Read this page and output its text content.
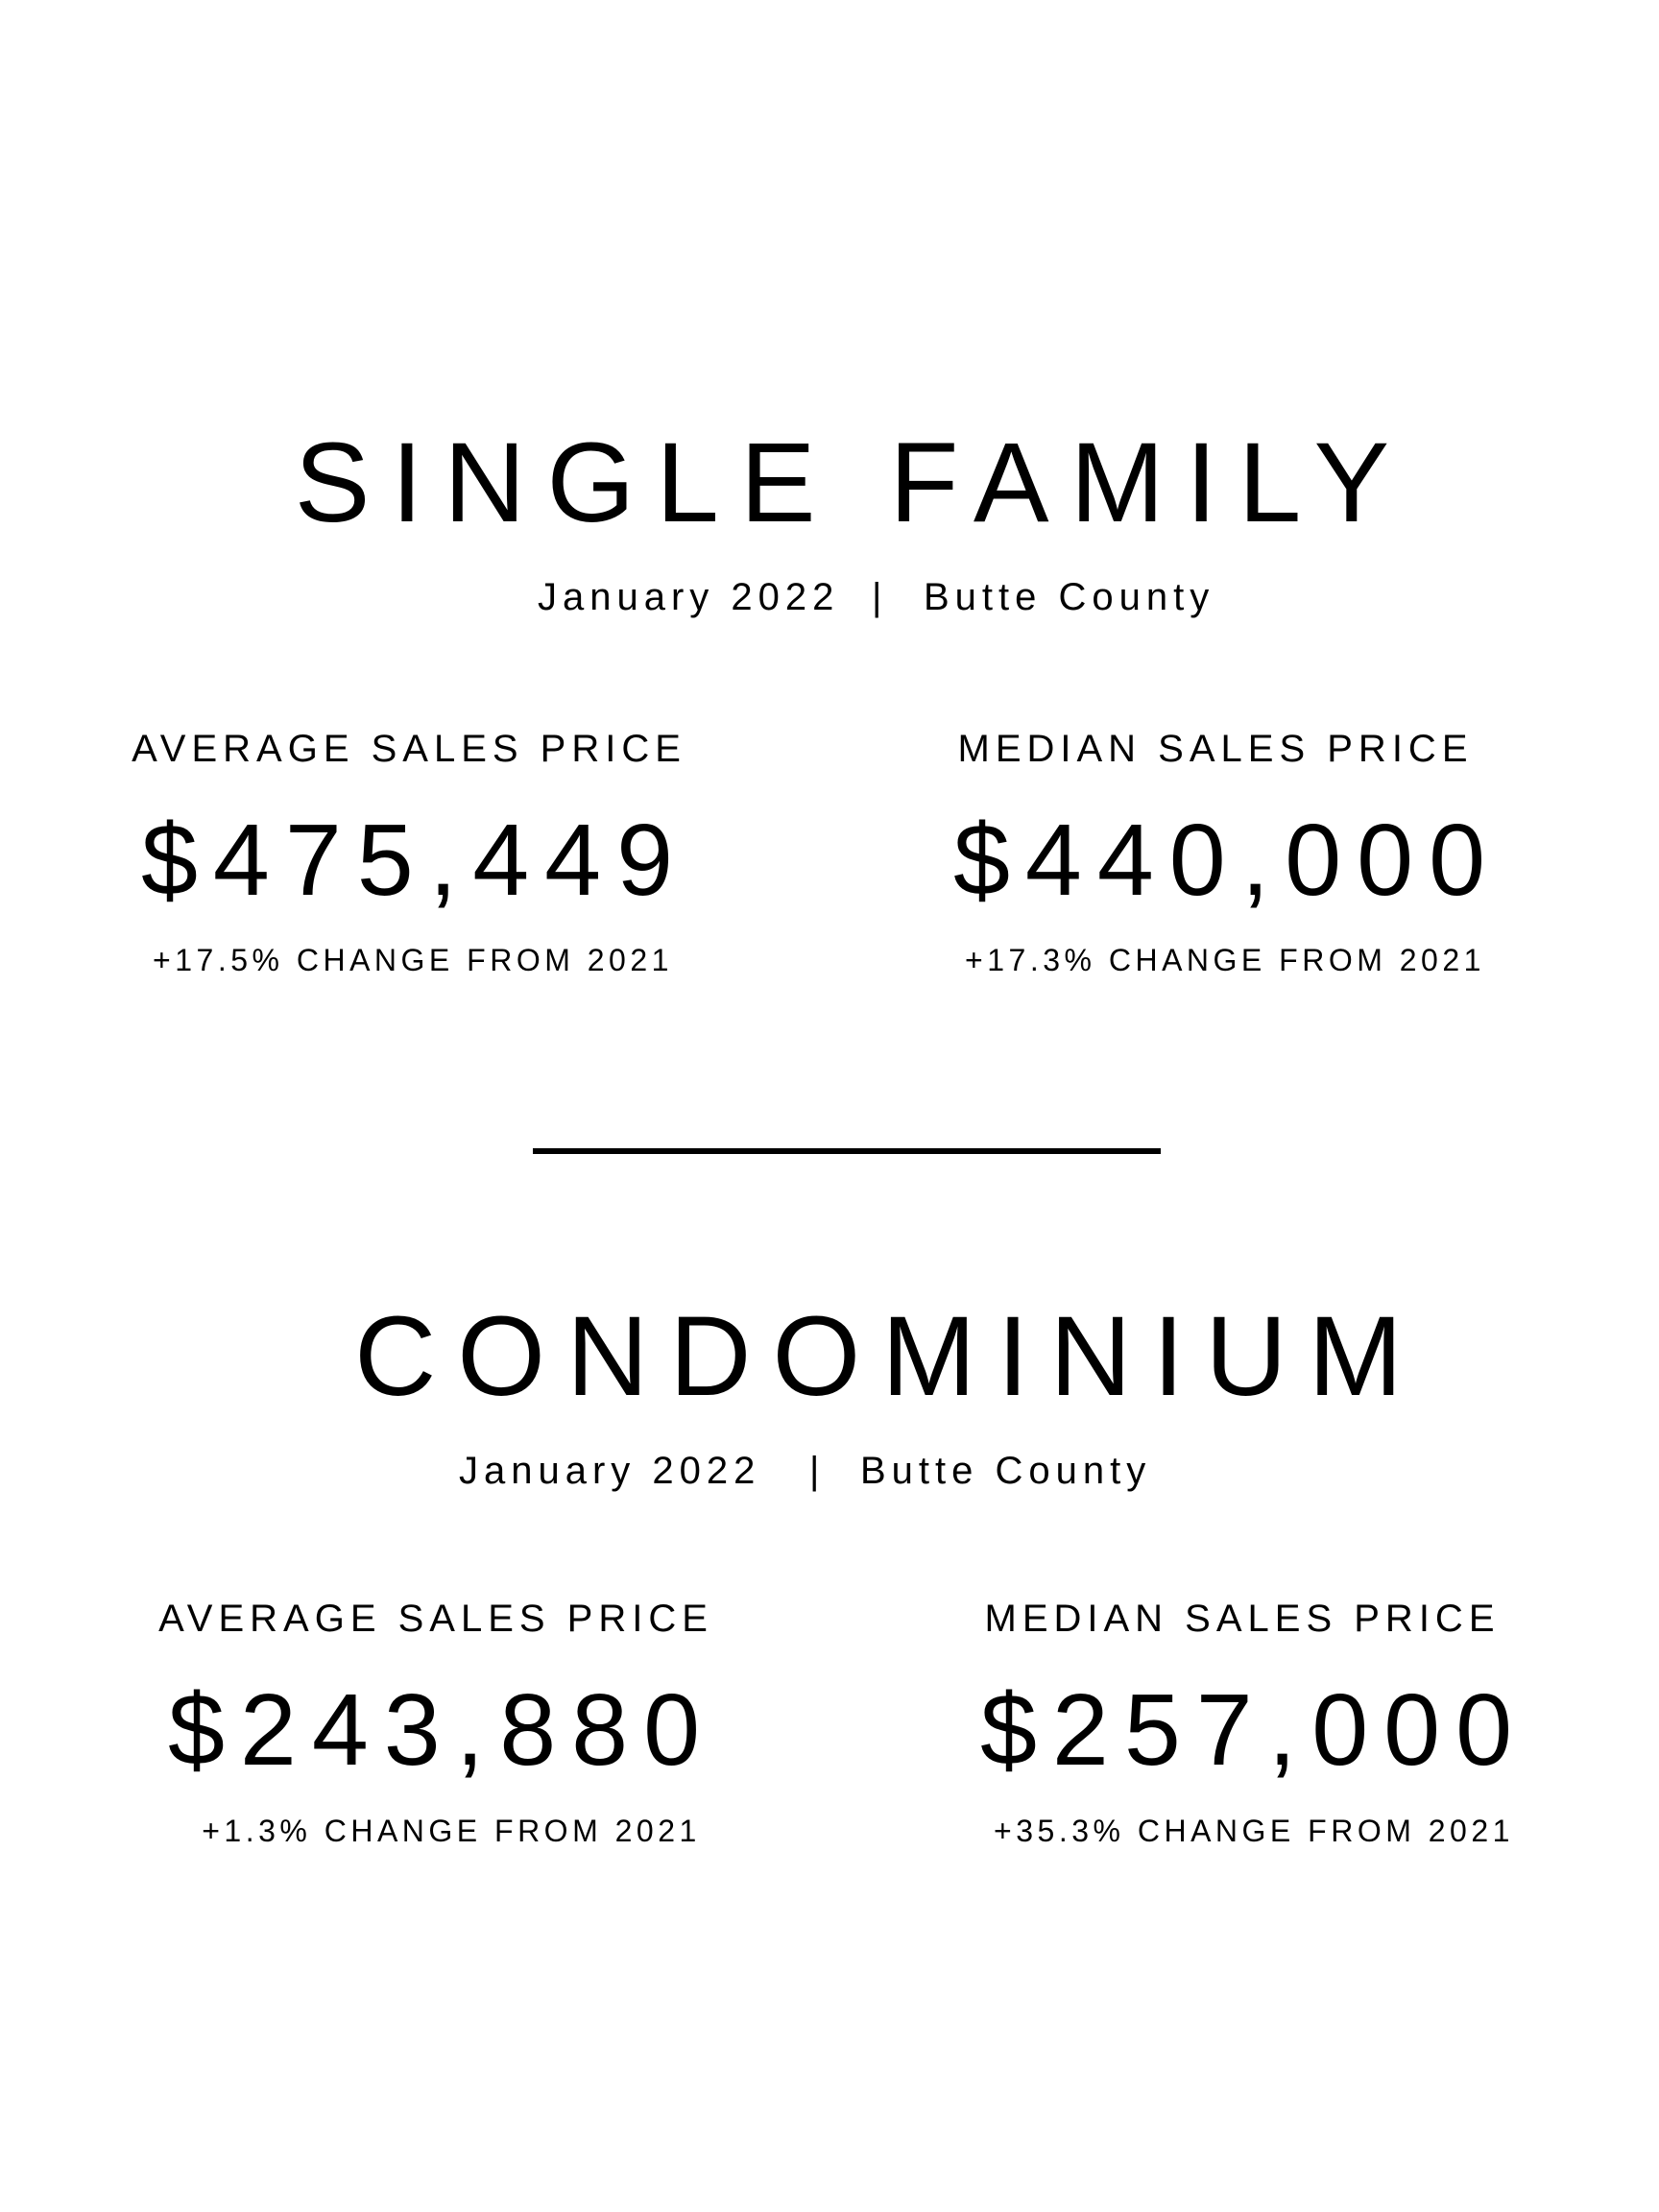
SINGLE FAMILY
January 2022 | Butte County
AVERAGE SALES PRICE
$475,449
+17.5% CHANGE FROM 2021
MEDIAN SALES PRICE
$440,000
+17.3% CHANGE FROM 2021
CONDOMINIUM
January 2022 | Butte County
AVERAGE SALES PRICE
$243,880
+1.3% CHANGE FROM 2021
MEDIAN SALES PRICE
$257,000
+35.3% CHANGE FROM 2021
